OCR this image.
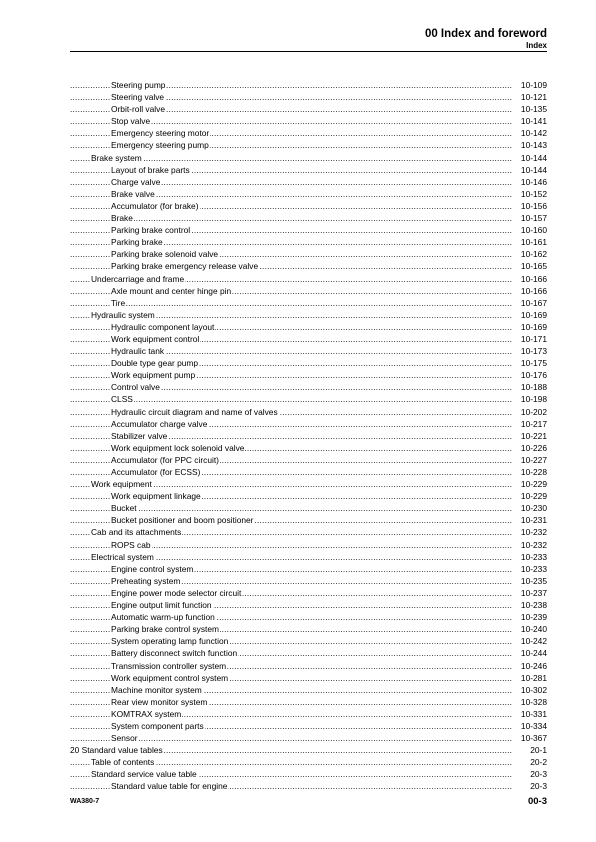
00 Index and foreword
Index
.....
Steering pump	10-109
.....
Steering valve	10-121
.....
Orbit-roll valve	10-135
.....
Stop valve	10-141
.....
Emergency steering motor	10-142
.....
Emergency steering pump	10-143
.....
Brake system	10-144
.....
Layout of brake parts	10-144
.....
Charge valve	10-146
.....
Brake valve	10-152
.....
Accumulator (for brake)	10-156
.....
Brake	10-157
.....
Parking brake control	10-160
.....
Parking brake	10-161
.....
Parking brake solenoid valve	10-162
.....
Parking brake emergency release valve	10-165
.....
Undercarriage and frame	10-166
.....
Axle mount and center hinge pin	10-166
.....
Tire	10-167
.....
Hydraulic system	10-169
.....
Hydraulic component layout	10-169
.....
Work equipment control	10-171
.....
Hydraulic tank	10-173
.....
Double type gear pump	10-175
.....
Work equipment pump	10-176
.....
Control valve	10-188
.....
CLSS	10-198
.....
Hydraulic circuit diagram and name of valves	10-202
.....
Accumulator charge valve	10-217
.....
Stabilizer valve	10-221
.....
Work equipment lock solenoid valve	10-226
.....
Accumulator (for PPC circuit)	10-227
.....
Accumulator (for ECSS)	10-228
.....
Work equipment	10-229
.....
Work equipment linkage	10-229
.....
Bucket	10-230
.....
Bucket positioner and boom positioner	10-231
.....
Cab and its attachments	10-232
.....
ROPS cab	10-232
.....
Electrical system	10-233
.....
Engine control system	10-233
.....
Preheating system	10-235
.....
Engine power mode selector circuit	10-237
.....
Engine output limit function	10-238
.....
Automatic warm-up function	10-239
.....
Parking brake control system	10-240
.....
System operating lamp function	10-242
.....
Battery disconnect switch function	10-244
.....
Transmission controller system	10-246
.....
Work equipment control system	10-281
.....
Machine monitor system	10-302
.....
Rear view monitor system	10-328
.....
KOMTRAX system	10-331
.....
System component parts	10-334
.....
Sensor	10-367
.....
20 Standard value tables	20-1
.....
Table of contents	20-2
.....
Standard service value table	20-3
.....
Standard value table for engine	20-3
WA380-7	00-3
